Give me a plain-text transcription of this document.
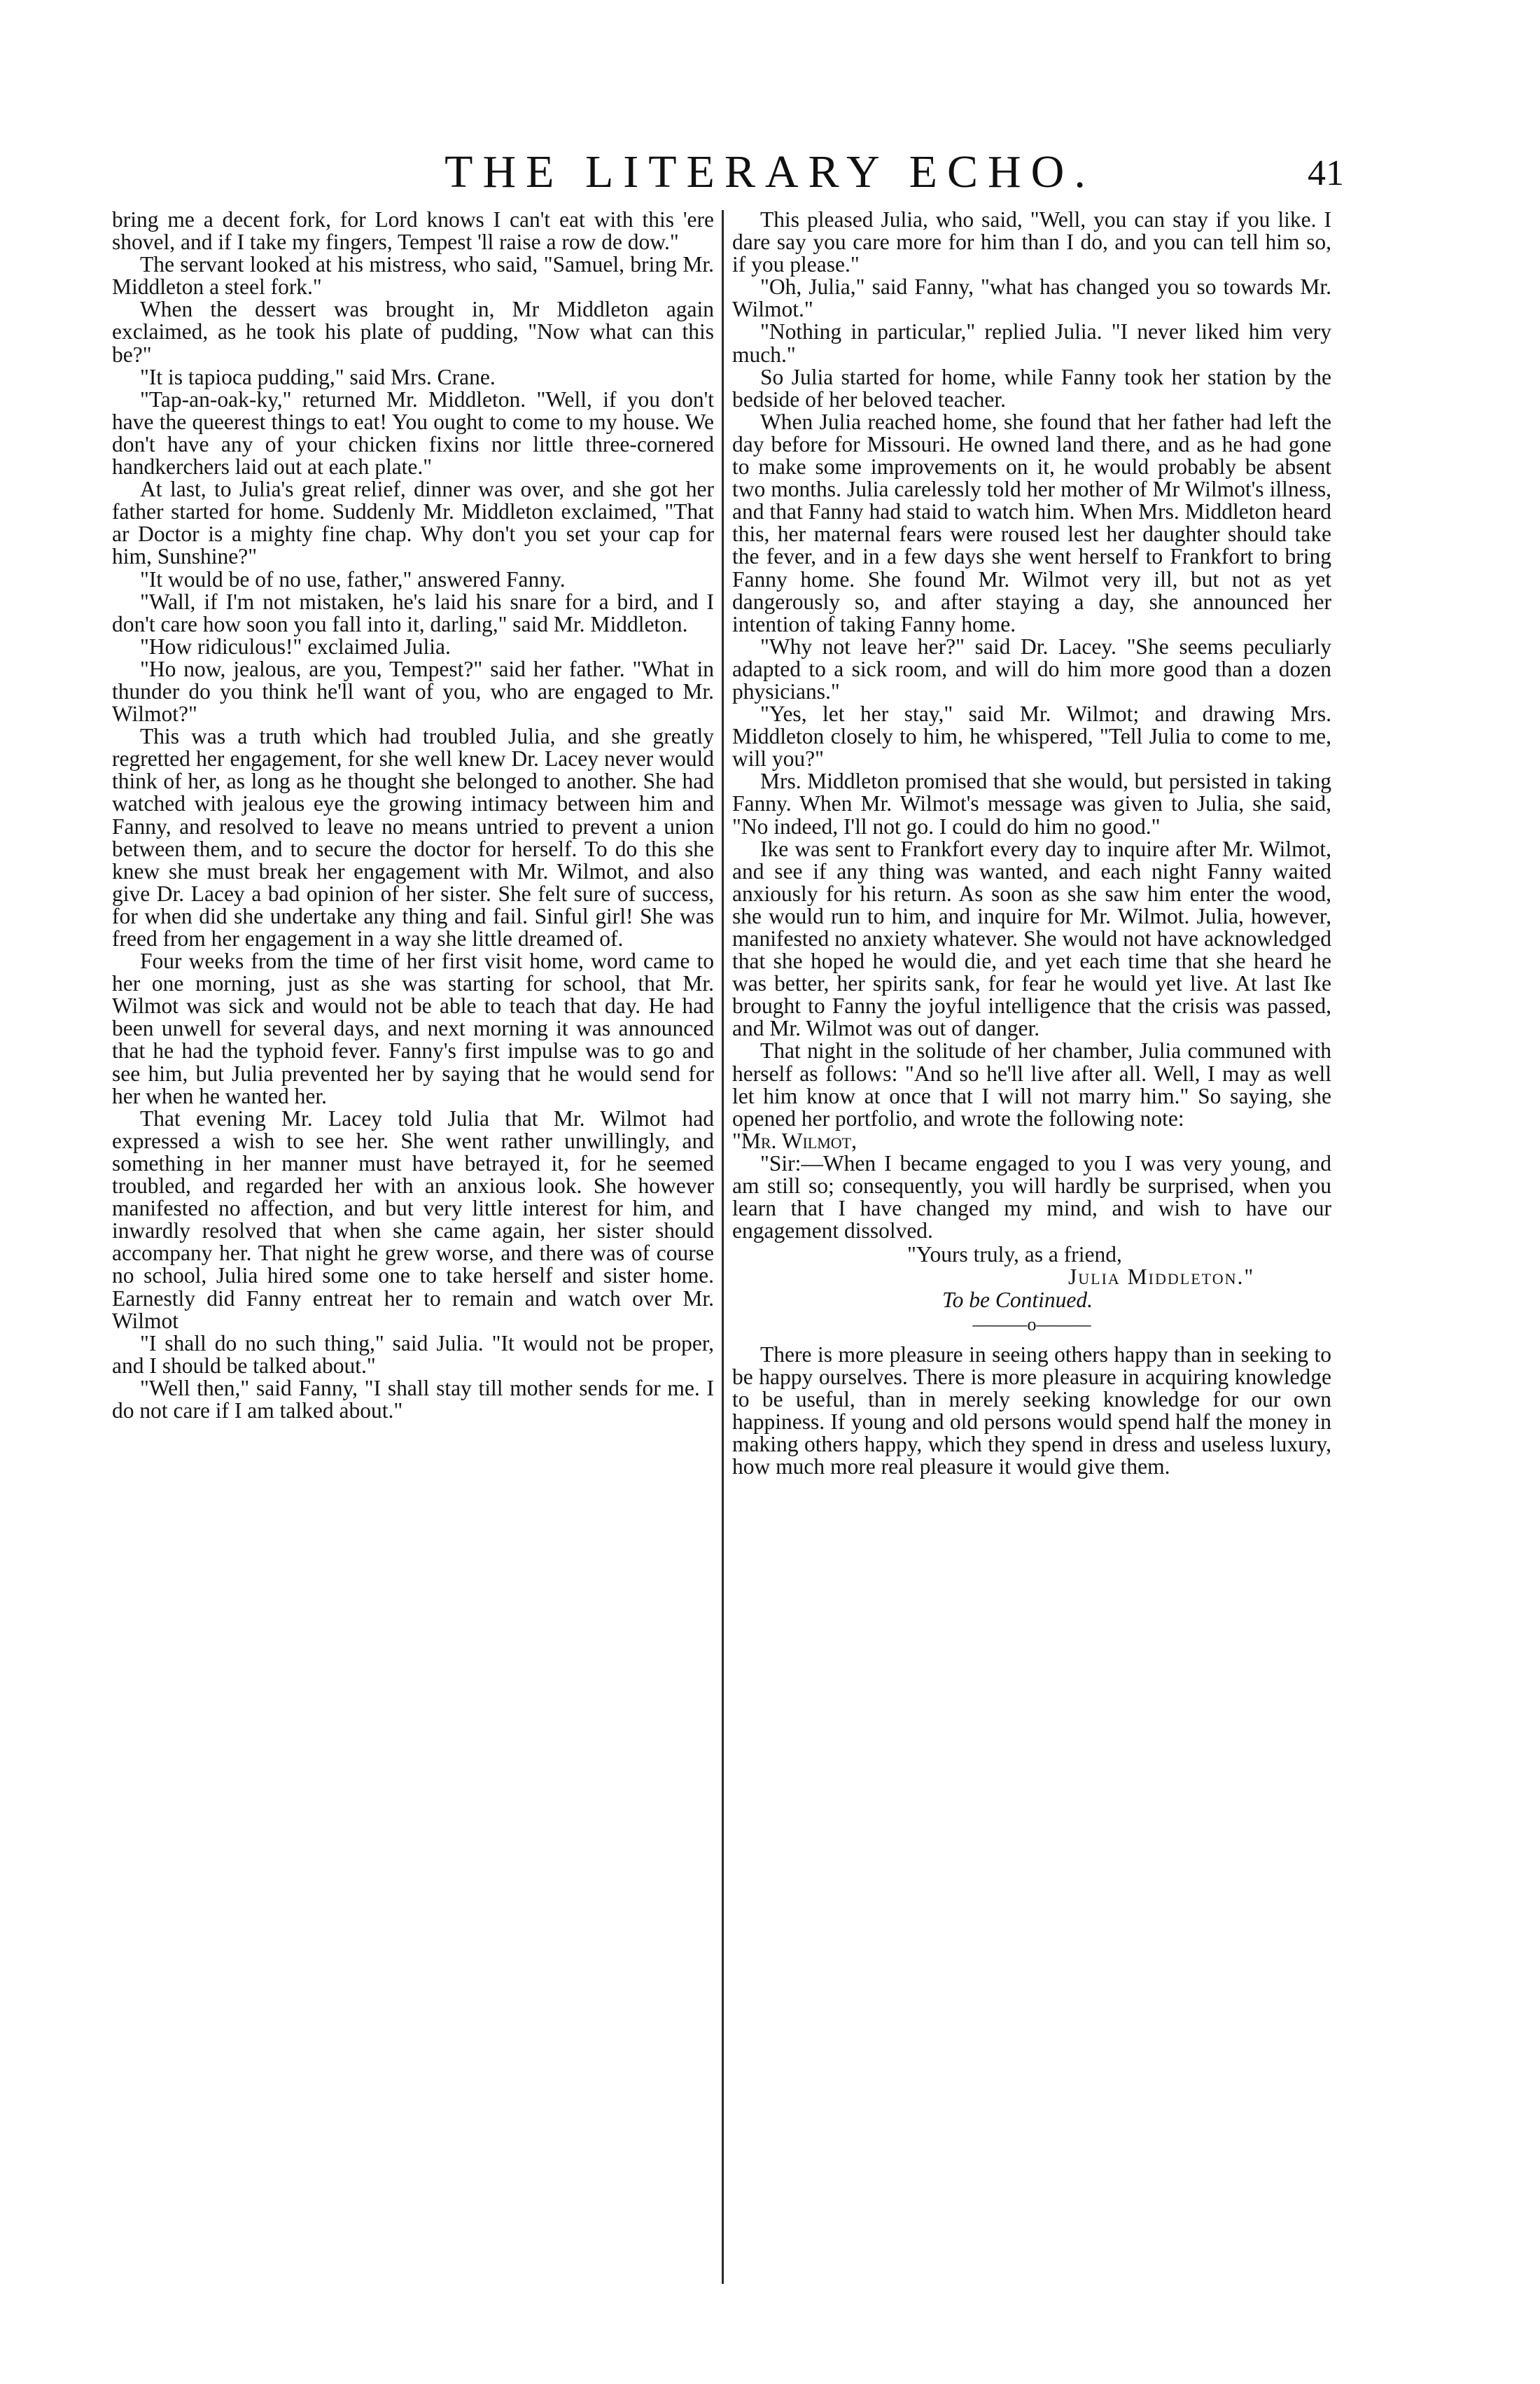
THE LITERARY ECHO.	41

bring me a decent fork, for Lord knows I can't eat with this 'ere shovel, and if I take my fingers, Tempest 'll raise a row de dow."

The servant looked at his mistress, who said, "Samuel, bring Mr. Middleton a steel fork."

When the dessert was brought in, Mr Middleton again exclaimed, as he took his plate of pudding, "Now what can this be?"

"It is tapioca pudding," said Mrs. Crane.

"Tap-an-oak-ky," returned Mr. Middleton. "Well, if you don't have the queerest things to eat! You ought to come to my house. We don't have any of your chicken fixins nor little three-cornered handkerchers laid out at each plate."

At last, to Julia's great relief, dinner was over, and she got her father started for home. Suddenly Mr. Middleton exclaimed, "That ar Doctor is a mighty fine chap. Why don't you set your cap for him, Sunshine?"

"It would be of no use, father," answered Fanny.

"Wall, if I'm not mistaken, he's laid his snare for a bird, and I don't care how soon you fall into it, darling," said Mr. Middleton.

"How ridiculous!" exclaimed Julia.

"Ho now, jealous, are you, Tempest?" said her father. "What in thunder do you think he'll want of you, who are engaged to Mr. Wilmot?"

This was a truth which had troubled Julia, and she greatly regretted her engagement, for she well knew Dr. Lacey never would think of her, as long as he thought she belonged to another. She had watched with jealous eye the growing intimacy between him and Fanny, and resolved to leave no means untried to prevent a union between them, and to secure the doctor for herself. To do this she knew she must break her engagement with Mr. Wilmot, and also give Dr. Lacey a bad opinion of her sister. She felt sure of success, for when did she undertake any thing and fail. Sinful girl! She was freed from her engagement in a way she little dreamed of.

Four weeks from the time of her first visit home, word came to her one morning, just as she was starting for school, that Mr. Wilmot was sick and would not be able to teach that day. He had been unwell for several days, and next morning it was announced that he had the typhoid fever. Fanny's first impulse was to go and see him, but Julia prevented her by saying that he would send for her when he wanted her.

That evening Mr. Lacey told Julia that Mr. Wilmot had expressed a wish to see her. She went rather unwillingly, and something in her manner must have betrayed it, for he seemed troubled, and regarded her with an anxious look. She however manifested no affection, and but very little interest for him, and inwardly resolved that when she came again, her sister should accompany her. That night he grew worse, and there was of course no school, Julia hired some one to take herself and sister home. Earnestly did Fanny entreat her to remain and watch over Mr. Wilmot

"I shall do no such thing," said Julia. "It would not be proper, and I should be talked about."

"Well then," said Fanny, "I shall stay till mother sends for me. I do not care if I am talked about."

This pleased Julia, who said, "Well, you can stay if you like. I dare say you care more for him than I do, and you can tell him so, if you please."

"Oh, Julia," said Fanny, "what has changed you so towards Mr. Wilmot."

"Nothing in particular," replied Julia. "I never liked him very much."

So Julia started for home, while Fanny took her station by the bedside of her beloved teacher.

When Julia reached home, she found that her father had left the day before for Missouri. He owned land there, and as he had gone to make some improvements on it, he would probably be absent two months. Julia carelessly told her mother of Mr Wilmot's illness, and that Fanny had staid to watch him. When Mrs. Middleton heard this, her maternal fears were roused lest her daughter should take the fever, and in a few days she went herself to Frankfort to bring Fanny home. She found Mr. Wilmot very ill, but not as yet dangerously so, and after staying a day, she announced her intention of taking Fanny home.

"Why not leave her?" said Dr. Lacey. "She seems peculiarly adapted to a sick room, and will do him more good than a dozen physicians."

"Yes, let her stay," said Mr. Wilmot; and drawing Mrs. Middleton closely to him, he whispered, "Tell Julia to come to me, will you?"

Mrs. Middleton promised that she would, but persisted in taking Fanny. When Mr. Wilmot's message was given to Julia, she said, "No indeed, I'll not go. I could do him no good."

Ike was sent to Frankfort every day to inquire after Mr. Wilmot, and see if any thing was wanted, and each night Fanny waited anxiously for his return. As soon as she saw him enter the wood, she would run to him, and inquire for Mr. Wilmot. Julia, however, manifested no anxiety whatever. She would not have acknowledged that she hoped he would die, and yet each time that she heard he was better, her spirits sank, for fear he would yet live. At last Ike brought to Fanny the joyful intelligence that the crisis was passed, and Mr. Wilmot was out of danger.

That night in the solitude of her chamber, Julia communed with herself as follows: "And so he'll live after all. Well, I may as well let him know at once that I will not marry him." So saying, she opened her portfolio, and wrote the following note:

"Mr. Wilmot,

"Sir:—When I became engaged to you I was very young, and am still so; consequently, you will hardly be surprised, when you learn that I have changed my mind, and wish to have our engagement dissolved.

"Yours truly, as a friend,
Julia Middleton."
To be Continued.
———o———

There is more pleasure in seeing others happy than in seeking to be happy ourselves. There is more pleasure in acquiring knowledge to be useful, than in merely seeking knowledge for our own happiness. If young and old persons would spend half the money in making others happy, which they spend in dress and useless luxury, how much more real pleasure it would give them.
